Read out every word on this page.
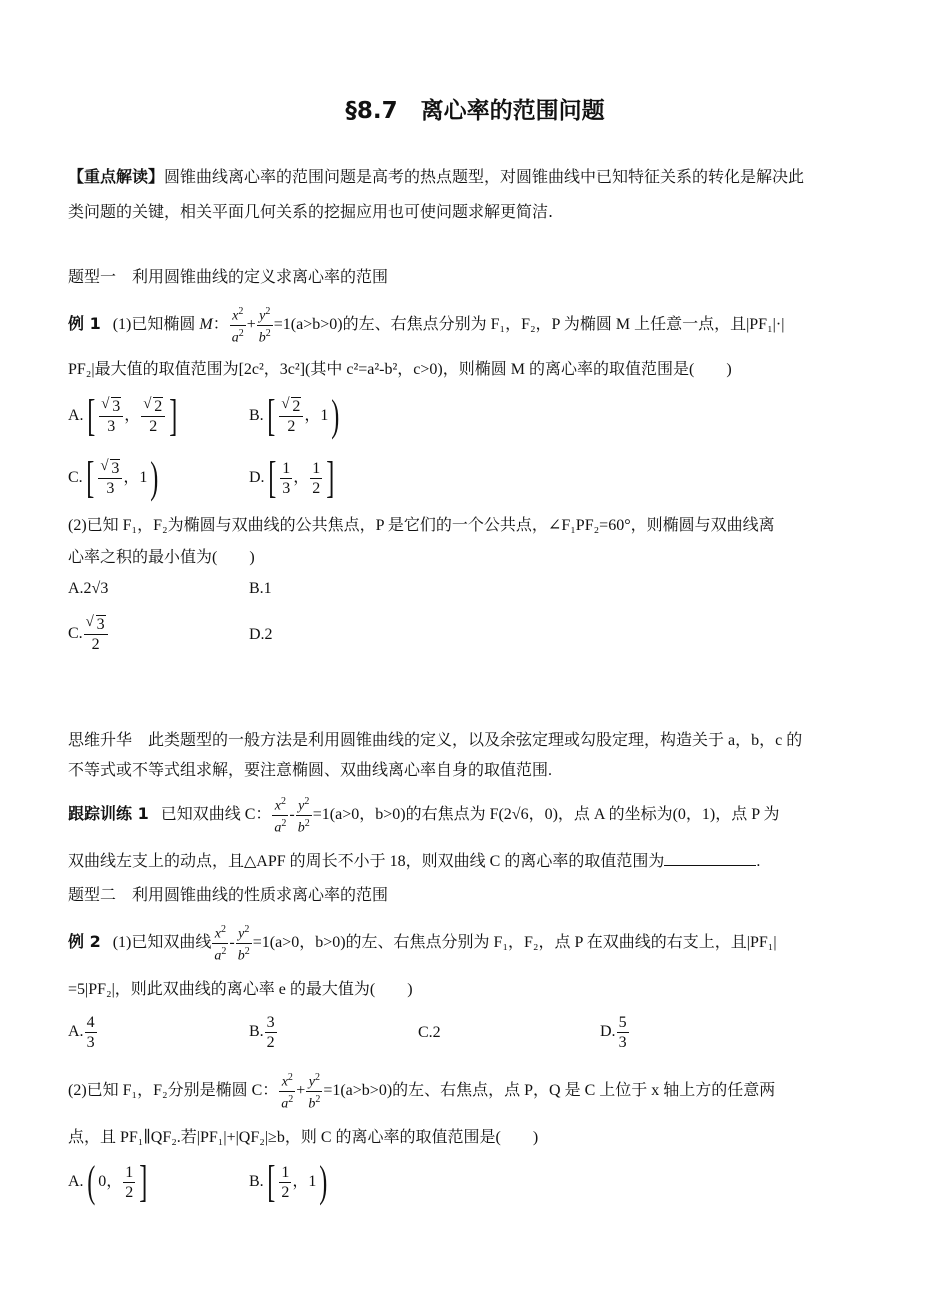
§8.7　离心率的范围问题
【重点解读】圆锥曲线离心率的范围问题是高考的热点题型，对圆锥曲线中已知特征关系的转化是解决此
类问题的关键，相关平面几何关系的挖掘应用也可使问题求解更简洁.
题型一　利用圆锥曲线的定义求离心率的范围
例 1 (1)已知椭圆 M： $\frac{x^2}{a^2} + \frac{y^2}{b^2} =1(a>b>0)$的左、右焦点分别为 F₁，F₂，P 为椭圆 M 上任意一点，且|PF₁|·|
PF₂|最大值的取值范围为[2c²，3c²](其中 c²=a²-b²，c>0)，则椭圆 M 的离心率的取值范围是(　　)
A.[ √ $\frac{3}{3}$ ， √ $\frac{2}{2}$ ]	B.[ √ $\frac{2}{2}$ ，1)
C.[ √ $\frac{3}{3}$ ，1)	$D.[ \frac{1}{3}$ ， $\frac{1}{2}$ ]
(2)已知 F₁，F₂为椭圆与双曲线的公共焦点，P 是它们的一个公共点，∠F₁PF₂=60°，则椭圆与双曲线离
心率之积的最小值为(　　)
A.2√3	B.1
C. √ $\frac{3}{2}$	D.2
思维升华　此类题型的一般方法是利用圆锥曲线的定义，以及余弦定理或勾股定理，构造关于 a，b，c 的
不等式或不等式组求解，要注意椭圆、双曲线离心率自身的取值范围.
跟踪训练 1 已知双曲线 C： $\frac{x^2}{a^2} - \frac{y^2}{b^2} =1(a>0$，b>0)的右焦点为 F(2√6，0)，点 A 的坐标为(0，1)，点 P 为
双曲线左支上的动点，且△APF 的周长不小于 18，则双曲线 C 的离心率的取值范围为	.
题型二　利用圆锥曲线的性质求离心率的范围
例 2 (1)已知双曲线 $\frac{x^2}{a^2} - \frac{y^2}{b^2} =1(a>0$，b>0)的左、右焦点分别为 F₁，F₂，点 P 在双曲线的右支上，且|PF₁|
=5|PF₂|，则此双曲线的离心率 e 的最大值为(　　)
A. $\frac{4}{3}$	B. $\frac{3}{2}$	C.2	D. $\frac{5}{3}$
(2)已知 F₁，F₂分别是椭圆 C： $\frac{x^2}{a^2} + \frac{y^2}{b^2} =1(a>b>0)$的左、右焦点，点 P，Q 是 C 上位于 x 轴上方的任意两
点，且 PF₁∥QF₂.若|PF₁|+|QF₂|≥b，则 C 的离心率的取值范围是(　　)
A.( 0， $\frac{1}{2}$ ]	$B.[ \frac{1}{2}$ ，1)
